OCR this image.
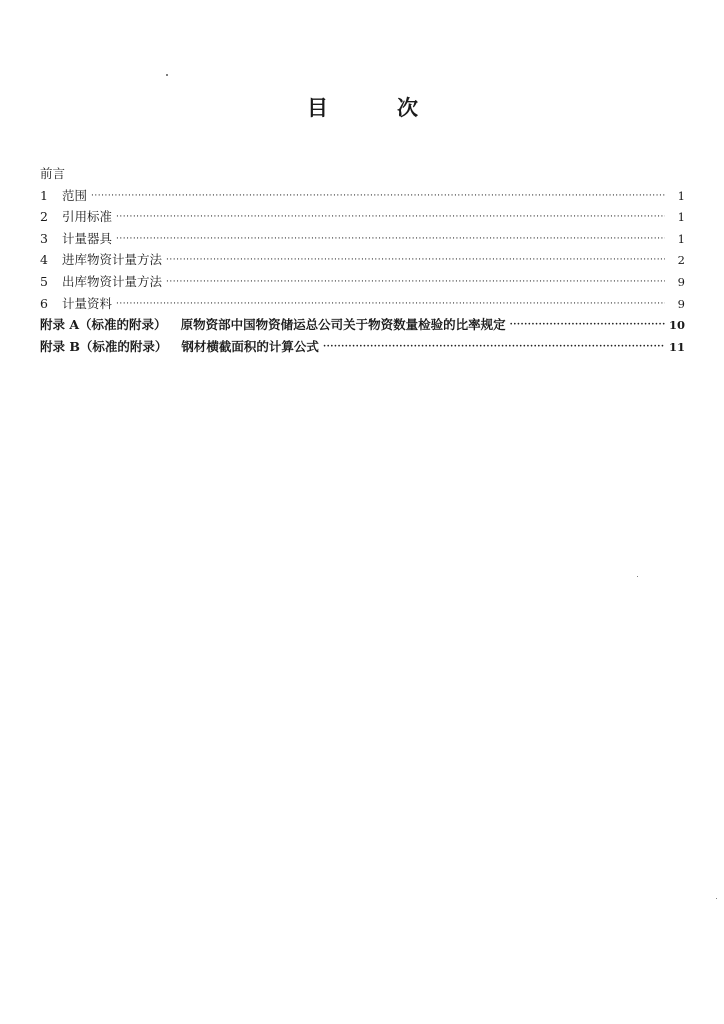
目	次
前言
1	范围 ·····	1
2	引用标准 ·····	1
3	计量器具 ·····	1
4	进库物资计量方法 ·····	2
5	出库物资计量方法 ·····	9
6	计量资料 ·····	9
附录 A（标准的附录）	原物资部中国物资储运总公司关于物资数量检验的比率规定 ·····	10
附录 B（标准的附录）	钢材横截面积的计算公式 ·····	11
